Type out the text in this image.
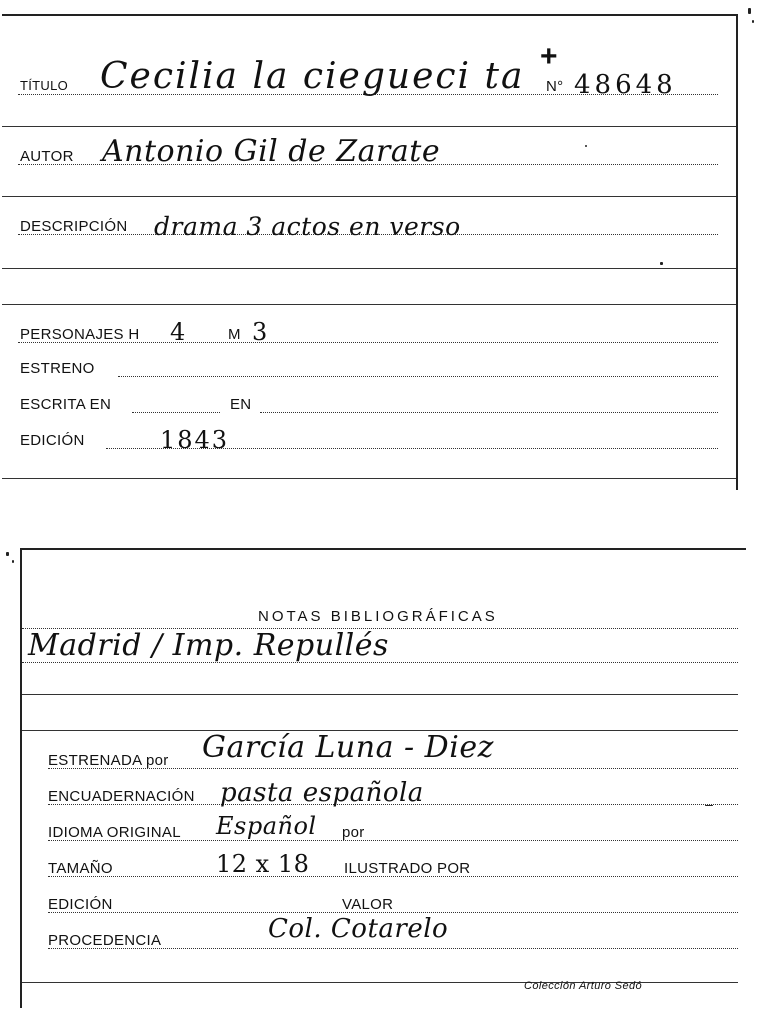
TÍTULO Cecilia la ciegueci ta +
N° 48648
AUTOR Antonio Gil de Zarate
DESCRIPCIÓN drama 3 actos en verso
PERSONAJES H 4	M 3
ESTRENO
ESCRITA EN	EN
EDICIÓN	1843
NOTAS BIBLIOGRÁFICAS
Madrid / Imp. Repullés
ESTRENADA por García Luna - Diez
ENCUADERNACIÓN pasta española
IDIOMA ORIGINAL Español por
TAMAÑO	12 x 18 ILUSTRADO POR
EDICIÓN	VALOR
PROCEDENCIA	Col. Cotarelo
Colección Arturo Sedó
